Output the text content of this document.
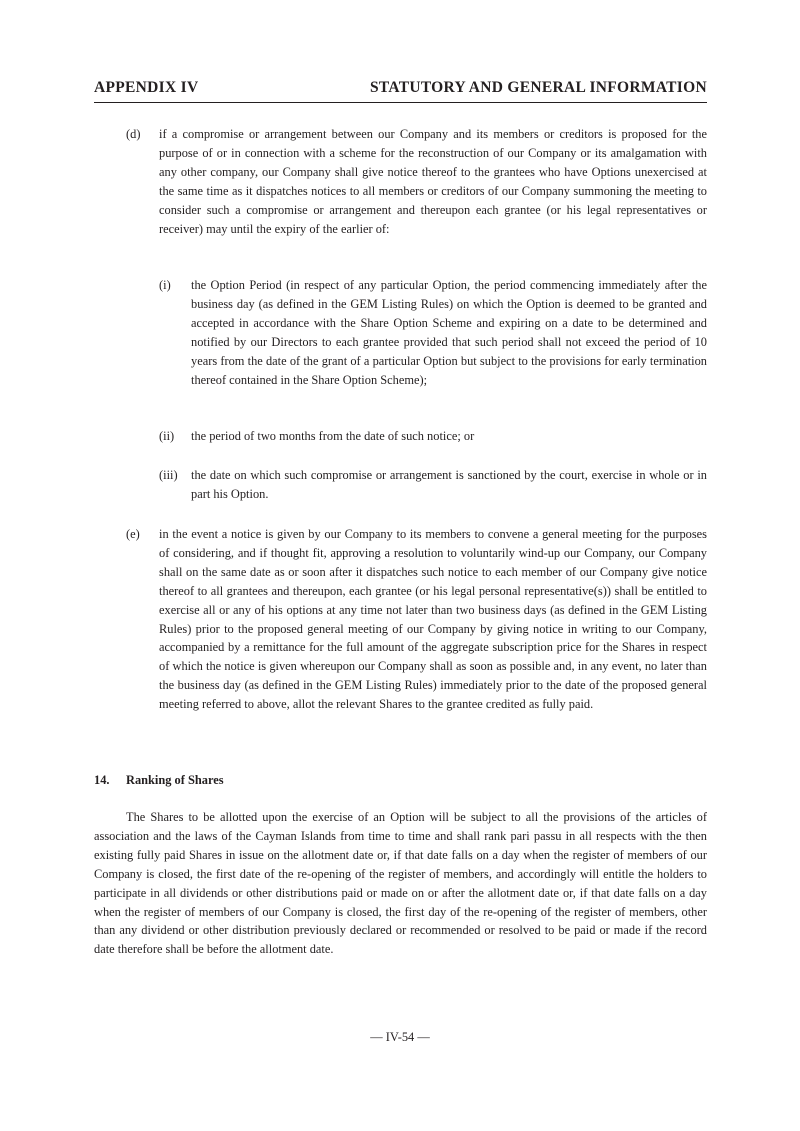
APPENDIX IV	STATUTORY AND GENERAL INFORMATION
(d) if a compromise or arrangement between our Company and its members or creditors is proposed for the purpose of or in connection with a scheme for the reconstruction of our Company or its amalgamation with any other company, our Company shall give notice thereof to the grantees who have Options unexercised at the same time as it dispatches notices to all members or creditors of our Company summoning the meeting to consider such a compromise or arrangement and thereupon each grantee (or his legal representatives or receiver) may until the expiry of the earlier of:
(i) the Option Period (in respect of any particular Option, the period commencing immediately after the business day (as defined in the GEM Listing Rules) on which the Option is deemed to be granted and accepted in accordance with the Share Option Scheme and expiring on a date to be determined and notified by our Directors to each grantee provided that such period shall not exceed the period of 10 years from the date of the grant of a particular Option but subject to the provisions for early termination thereof contained in the Share Option Scheme);
(ii) the period of two months from the date of such notice; or
(iii) the date on which such compromise or arrangement is sanctioned by the court, exercise in whole or in part his Option.
(e) in the event a notice is given by our Company to its members to convene a general meeting for the purposes of considering, and if thought fit, approving a resolution to voluntarily wind-up our Company, our Company shall on the same date as or soon after it dispatches such notice to each member of our Company give notice thereof to all grantees and thereupon, each grantee (or his legal personal representative(s)) shall be entitled to exercise all or any of his options at any time not later than two business days (as defined in the GEM Listing Rules) prior to the proposed general meeting of our Company by giving notice in writing to our Company, accompanied by a remittance for the full amount of the aggregate subscription price for the Shares in respect of which the notice is given whereupon our Company shall as soon as possible and, in any event, no later than the business day (as defined in the GEM Listing Rules) immediately prior to the date of the proposed general meeting referred to above, allot the relevant Shares to the grantee credited as fully paid.
14. Ranking of Shares
The Shares to be allotted upon the exercise of an Option will be subject to all the provisions of the articles of association and the laws of the Cayman Islands from time to time and shall rank pari passu in all respects with the then existing fully paid Shares in issue on the allotment date or, if that date falls on a day when the register of members of our Company is closed, the first date of the re-opening of the register of members, and accordingly will entitle the holders to participate in all dividends or other distributions paid or made on or after the allotment date or, if that date falls on a day when the register of members of our Company is closed, the first day of the re-opening of the register of members, other than any dividend or other distribution previously declared or recommended or resolved to be paid or made if the record date therefore shall be before the allotment date.
— IV-54 —
